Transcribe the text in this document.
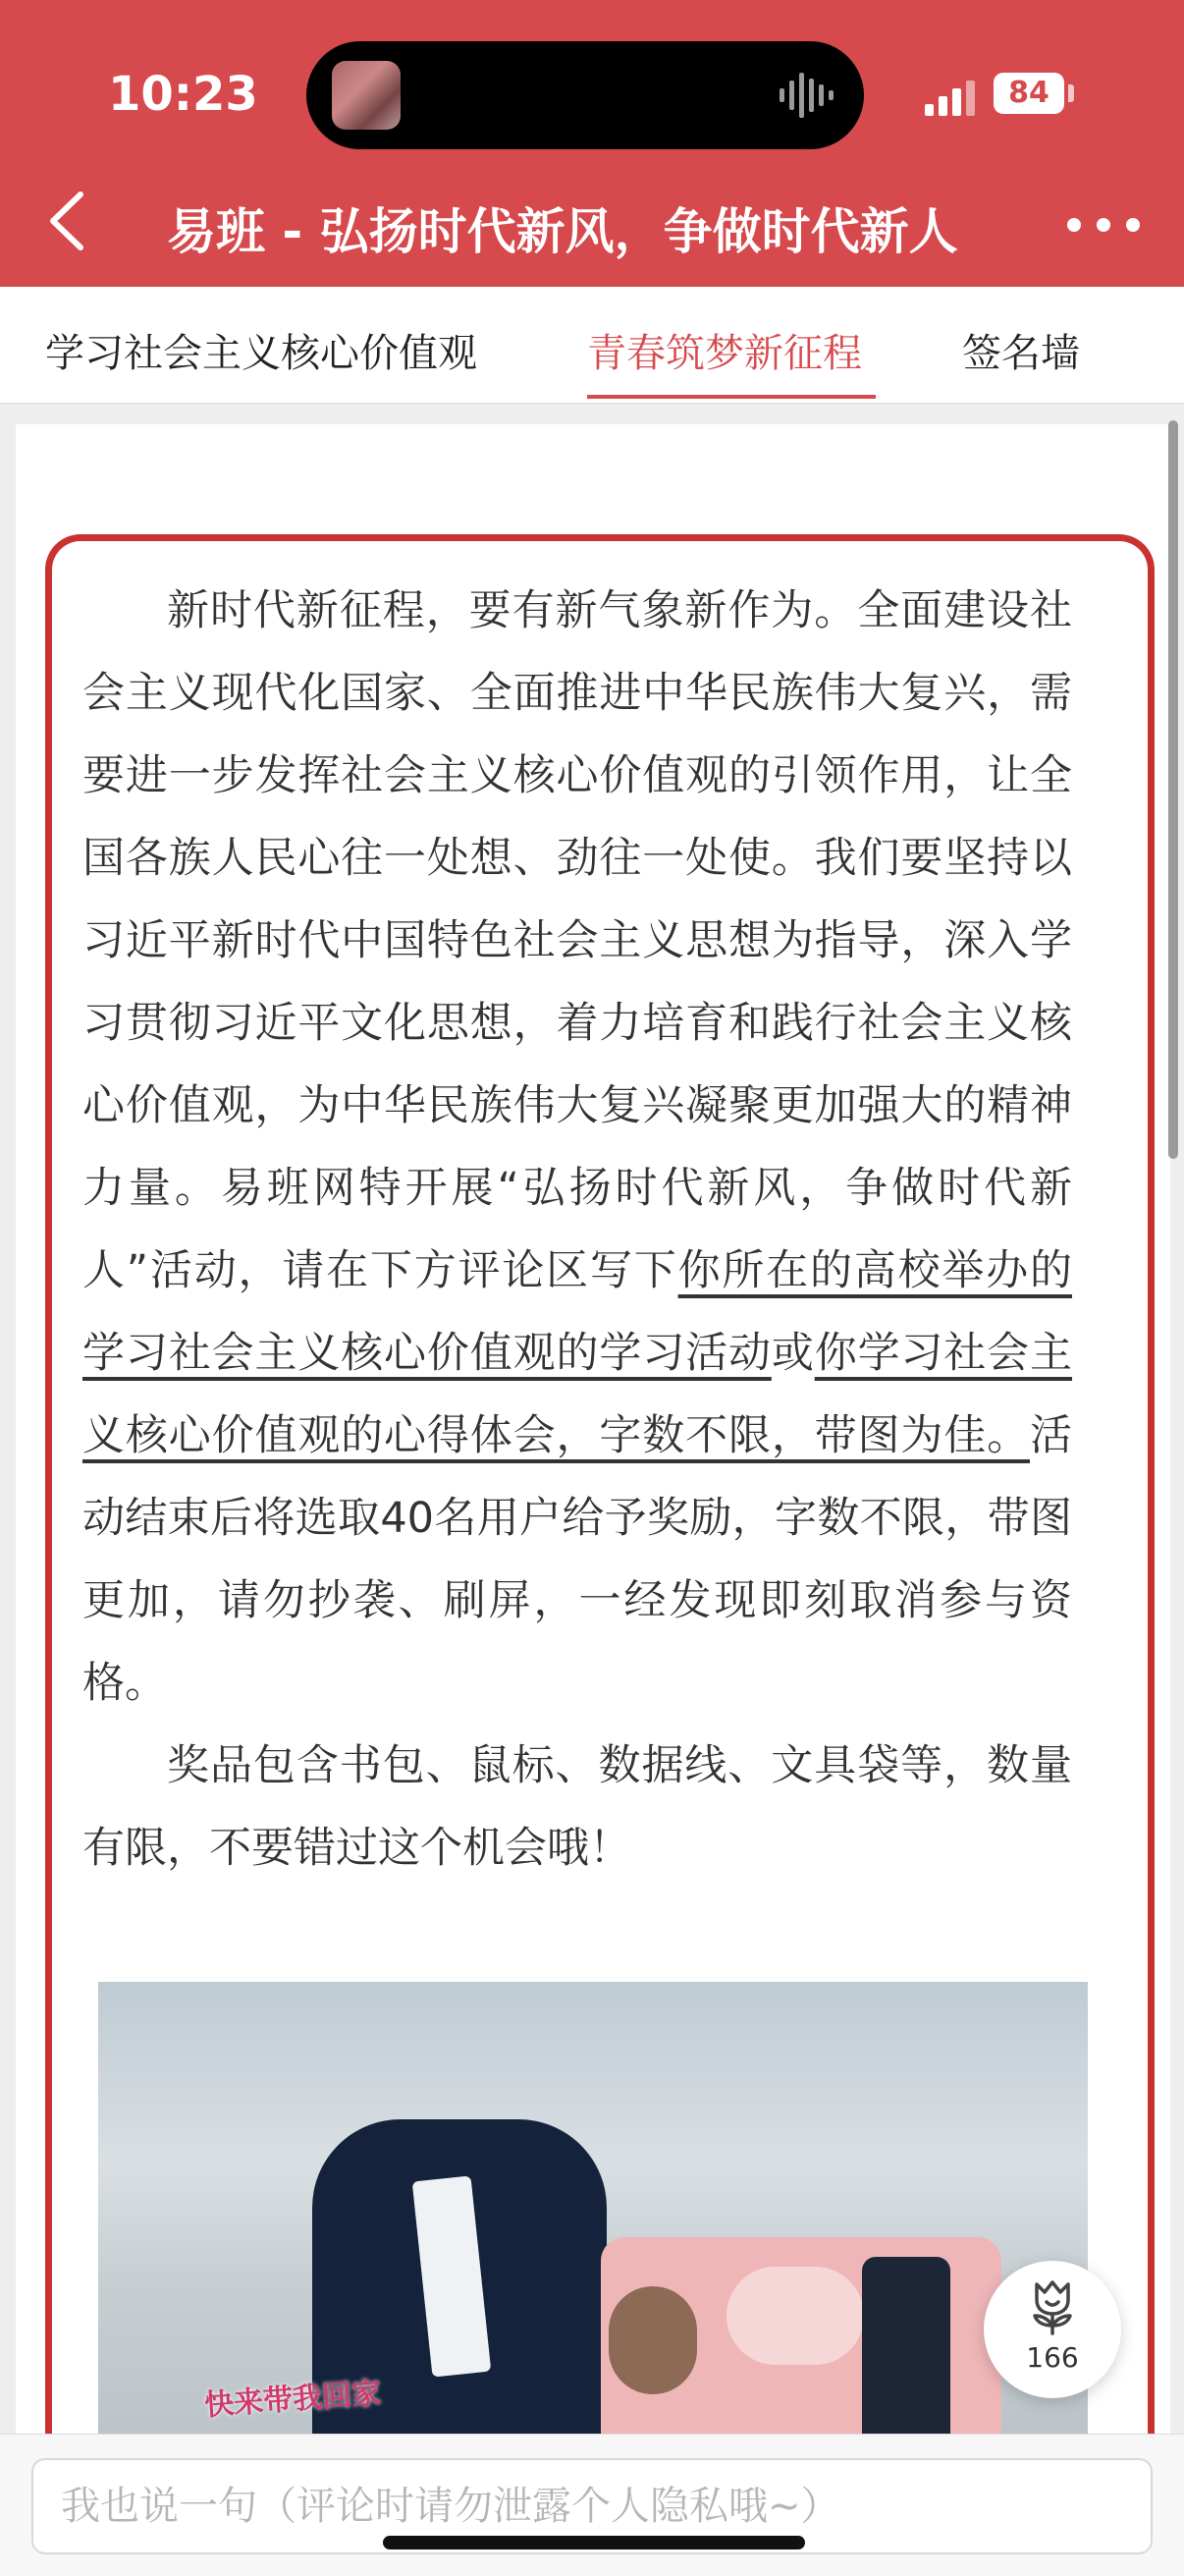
10:23	84
易班 - 弘扬时代新风，争做时代新人
学习社会主义核心价值观	青春筑梦新征程	签名墙

新时代新征程，要有新气象新作为。全面建设社会主义现代化国家、全面推进中华民族伟大复兴，需要进一步发挥社会主义核心价值观的引领作用，让全国各族人民心往一处想、劲往一处使。我们要坚持以习近平新时代中国特色社会主义思想为指导，深入学习贯彻习近平文化思想，着力培育和践行社会主义核心价值观，为中华民族伟大复兴凝聚更加强大的精神力量。易班网特开展“弘扬时代新风，争做时代新人”活动，请在下方评论区写下你所在的高校举办的学习社会主义核心价值观的学习活动或你学习社会主义核心价值观的心得体会，字数不限，带图为佳。活动结束后将选取40名用户给予奖励，字数不限，带图更加，请勿抄袭、刷屏，一经发现即刻取消参与资格。

奖品包含书包、鼠标、数据线、文具袋等，数量有限，不要错过这个机会哦！

快来带我回家
166
我也说一句（评论时请勿泄露个人隐私哦~）
